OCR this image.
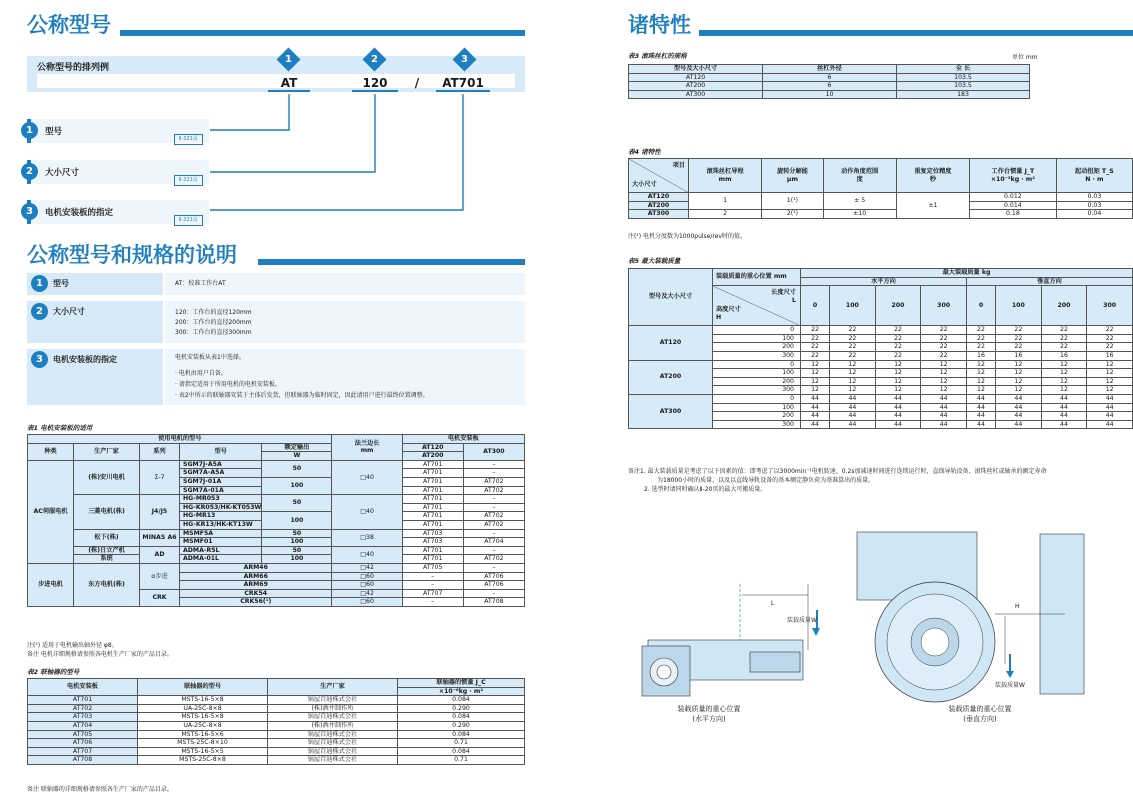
公称型号
公称型号的排列例
1	2	3
AT	120	/	AT701
1	型号
Ⅱ-321页
2	大小尺寸
Ⅱ-321页
3	电机安装板的指定
Ⅱ-321页
公称型号和规格的说明
1	型号	AT：校准工作台AT
2	大小尺寸	120：工作台的直径120mm
200：工作台的直径200mm
300：工作台的直径300mm
3	电机安装板的指定	电机安装板从表1中选择。
· 电机由用户自备。
· 请指定适用于所用电机的电机安装板。
· 表2中所示的联轴器安装于主体后发货，但联轴器为临时固定，因此请用户进行最终位置调整。
表1 电机安装板的适用
使用电机的型号					法兰边长
mm	电机安装板	
种类	生产厂家	系列	型号	额定输出		AT120	AT300
				W		AT200	
AC伺服电机	(株)安川电机	Σ-7	SGM7J-A5A	50	□40	AT701	–
			SGM7A-A5A			AT701	–
			SGM7J-01A	100		AT701	AT702
			SGM7A-01A			AT701	AT702
	三菱电机(株)	J4/J5	HG-MR053	50	□40	AT701	–
			HG-KR053/HK-KT053W			AT701	–
			HG-MR13	100		AT701	AT702
			HG-KR13/HK-KT13W			AT701	AT702
	松下(株)	MINAS A6	MSMF5A	50	□38	AT703	–
			MSMF01	100		AT703	AT704
	(株)日立产机	AD	ADMA-R5L	50	□40	AT701	–
	系统		ADMA-01L	100		AT701	AT702
步进电机	东方电机(株)	α步进	ARM46		□42	AT705	–
			ARM66		□60	–	AT706
			ARM69		□60	–	AT706
		CRK	CRK54		□42	AT707	–
			CRK56(¹)		□60	–	AT708
注(¹) 适用于电机输出轴外径 φ8。
备注 电机详细规格请参照各电机生产厂家的产品目录。
表2 联轴器的型号
电机安装板	联轴器的型号	生产厂家	联轴器的惯量 J_C
			×10⁻⁶kg · m²
AT701	MSTS-16-5×8	锅屋百迪株式会社	0.084
AT702	UA-25C-8×8	(株)酒井制作所	0.290
AT703	MSTS-16-5×8	锅屋百迪株式会社	0.084
AT704	UA-25C-8×8	(株)酒井制作所	0.290
AT705	MSTS-16-5×6	锅屋百迪株式会社	0.084
AT706	MSTS-25C-8×10	锅屋百迪株式会社	0.71
AT707	MSTS-16-5×5	锅屋百迪株式会社	0.084
AT708	MSTS-25C-8×8	锅屋百迪株式会社	0.71
备注 联轴器的详细规格请参照各生产厂家的产品目录。
诸特性
表3 滚珠丝杠的规格	单位 mm
型号及大小尺寸	丝杠外径	全 长
AT120	6	103.5
AT200	6	103.5
AT300	10	183
表4 诸特性
项目
大小尺寸	滚珠丝杠导程
mm	旋转分解能
μm	动作角度范围
度	重复定位精度
秒	工作台惯量 J_T
×10⁻³kg · m²	起动扭矩 T_S
N · m
AT120	1	1(¹)	± 5	±1	0.012	0.03
AT200					0.014	0.03
AT300	2	2(¹)	±10		0.18	0.04
注(¹) 电机分度数为1000pulse/rev时的值。
表5 最大装载质量
型号及大小尺寸	装载质量的重心位置 mm	最大装载质量 kg							
		水平方向				垂直方向			

	长度尺寸
L
高度尺寸
H	0	100	200	300	0	100	200	300
AT120	0	22	22	22	22	22	22	22	22
	100	22	22	22	22	22	22	22	22
	200	22	22	22	22	22	22	22	22
	300	22	22	22	22	16	16	16	16
AT200	0	12	12	12	12	12	12	12	12
	100	12	12	12	12	12	12	12	12
	200	12	12	12	12	12	12	12	12
	300	12	12	12	12	12	12	12	12
AT300	0	44	44	44	44	44	44	44	44
	100	44	44	44	44	44	44	44	44
	200	44	44	44	44	44	44	44	44
	300	44	44	44	44	44	44	44	44
备注1. 最大装载质量是考虑了以下因素的值：即考虑了以3000min⁻¹电机转速、0.2s加减速时间进行连续运行时，直线导轨设备、滚珠丝杠或轴承的额定寿命
为18000小时的质量，以及以直线导轨设备的基本额定静负荷为基准算出的质量。
2. 选型时请同时确认Ⅱ-20页的最大可搬质量。
L
装载质量W
装载质量的重心位置
(水平方向)
H
装载质量W
装载质量的重心位置
(垂直方向)
